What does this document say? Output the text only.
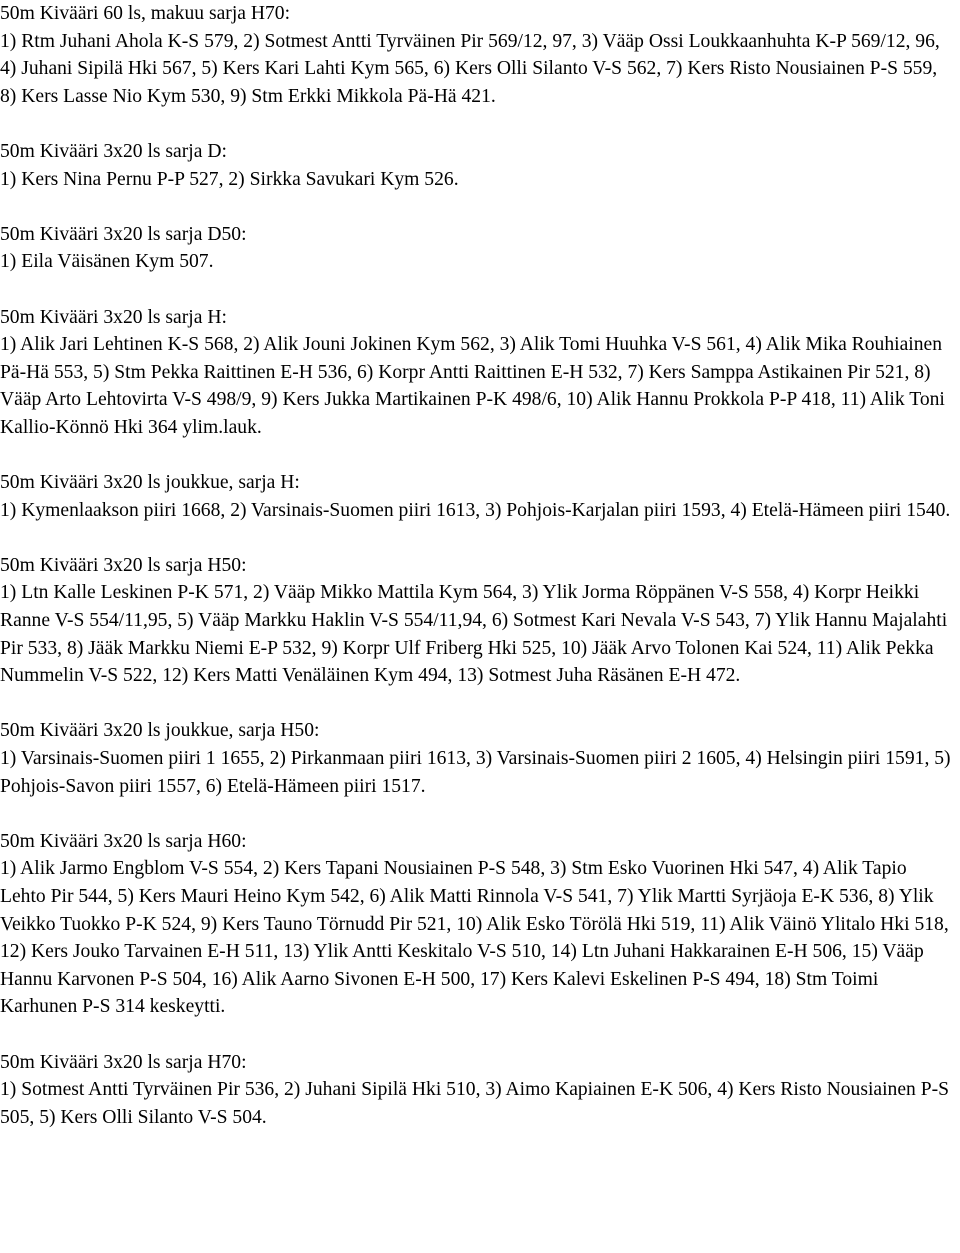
50m Kivääri 60 ls, makuu sarja H70:
1) Rtm Juhani Ahola K-S 579, 2) Sotmest Antti Tyrväinen Pir 569/12, 97, 3) Vääp Ossi Loukkaanhuhta K-P 569/12, 96, 4) Juhani Sipilä Hki 567, 5) Kers Kari Lahti Kym 565, 6) Kers Olli Silanto V-S 562, 7) Kers Risto Nousiainen P-S 559, 8) Kers Lasse Nio Kym 530, 9) Stm Erkki Mikkola Pä-Hä 421.
50m Kivääri 3x20 ls sarja D:
1) Kers Nina Pernu P-P 527, 2) Sirkka Savukari Kym 526.
50m Kivääri 3x20 ls sarja D50:
1) Eila Väisänen Kym 507.
50m Kivääri 3x20 ls sarja H:
1) Alik Jari Lehtinen K-S 568, 2) Alik Jouni Jokinen Kym 562, 3) Alik Tomi Huuhka V-S 561, 4) Alik Mika Rouhiainen Pä-Hä 553, 5) Stm Pekka Raittinen E-H 536, 6) Korpr Antti Raittinen E-H 532, 7) Kers Samppa Astikainen Pir 521, 8) Vääp Arto Lehtovirta V-S 498/9, 9) Kers Jukka Martikainen P-K 498/6, 10) Alik Hannu Prokkola P-P 418, 11) Alik Toni Kallio-Könnö Hki 364 ylim.lauk.
50m Kivääri 3x20 ls joukkue, sarja H:
1) Kymenlaakson piiri 1668, 2) Varsinais-Suomen piiri 1613, 3) Pohjois-Karjalan piiri 1593, 4) Etelä-Hämeen piiri 1540.
50m Kivääri 3x20 ls sarja H50:
1) Ltn Kalle Leskinen P-K 571, 2) Vääp Mikko Mattila Kym 564, 3) Ylik Jorma Röppänen V-S 558, 4) Korpr Heikki Ranne V-S 554/11,95, 5) Vääp Markku Haklin V-S 554/11,94, 6) Sotmest Kari Nevala V-S 543, 7) Ylik Hannu Majalahti Pir 533, 8) Jääk Markku Niemi E-P 532, 9) Korpr Ulf Friberg Hki 525, 10) Jääk Arvo Tolonen Kai 524, 11) Alik Pekka Nummelin V-S 522, 12) Kers Matti Venäläinen Kym 494, 13) Sotmest Juha Räsänen E-H 472.
50m Kivääri 3x20 ls joukkue, sarja H50:
1) Varsinais-Suomen piiri 1 1655, 2) Pirkanmaan piiri 1613, 3) Varsinais-Suomen piiri 2 1605, 4) Helsingin piiri 1591, 5) Pohjois-Savon piiri 1557, 6) Etelä-Hämeen piiri 1517.
50m Kivääri 3x20 ls sarja H60:
1) Alik Jarmo Engblom V-S 554, 2) Kers Tapani Nousiainen P-S 548, 3) Stm Esko Vuorinen Hki 547, 4) Alik Tapio Lehto Pir 544, 5) Kers Mauri Heino Kym 542, 6) Alik Matti Rinnola V-S 541, 7) Ylik Martti Syrjäoja E-K 536, 8) Ylik Veikko Tuokko P-K 524, 9) Kers Tauno Törnudd Pir 521, 10) Alik Esko Törölä Hki 519, 11) Alik Väinö Ylitalo Hki 518, 12) Kers Jouko Tarvainen E-H 511, 13) Ylik Antti Keskitalo V-S 510, 14) Ltn Juhani Hakkarainen E-H 506, 15) Vääp Hannu Karvonen P-S 504, 16) Alik Aarno Sivonen E-H 500, 17) Kers Kalevi Eskelinen P-S 494, 18) Stm Toimi Karhunen P-S 314 keskeytti.
50m Kivääri 3x20 ls sarja H70:
1) Sotmest Antti Tyrväinen Pir 536, 2) Juhani Sipilä Hki 510, 3) Aimo Kapiainen E-K 506, 4) Kers Risto Nousiainen P-S 505, 5) Kers Olli Silanto V-S 504.
